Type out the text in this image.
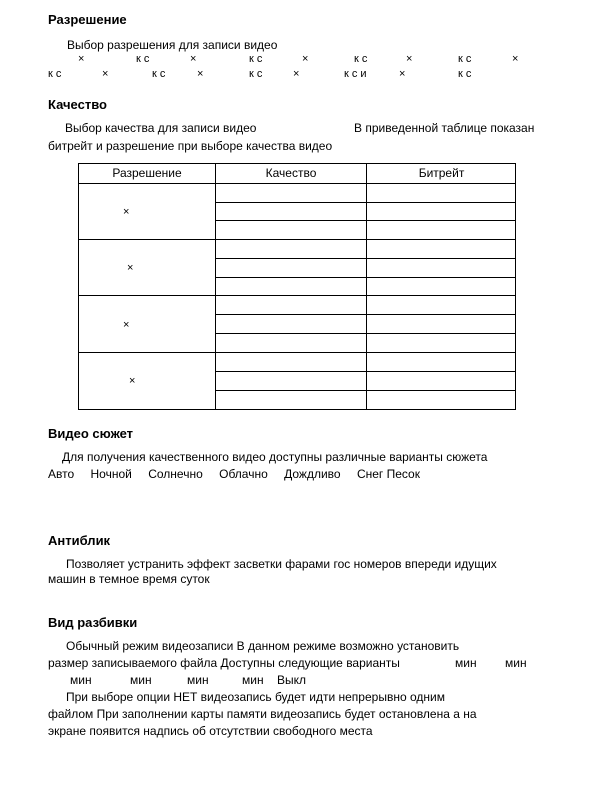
Разрешение
Выбор разрешения для записи видео
×	к с	×	к с	×	к с	×	к с	×
к с	×	к с	×	к с	×	к с и	×	к с
Качество
Выбор качества для записи видео	В приведенной таблице показан
битрейт и разрешение при выборе качества видео
Разрешение	Качество	Битрейт
×
×
×
×
Видео сюжет
Для получения качественного видео доступны различные варианты сюжета
Авто Ночной Солнечно Облачно Дождливо Снег Песок
Антиблик
Позволяет устранить эффект засветки фарами гос номеров впереди идущих
машин в темное время суток
Вид разбивки
Обычный режим видеозаписи В данном режиме возможно установить
размер записываемого файла Доступны следующие варианты	мин мин
мин	мин	мин	мин Выкл
При выборе опции НЕТ видеозапись будет идти непрерывно одним
файлом При заполнении карты памяти видеозапись будет остановлена а на
экране появится надпись об отсутствии свободного места
